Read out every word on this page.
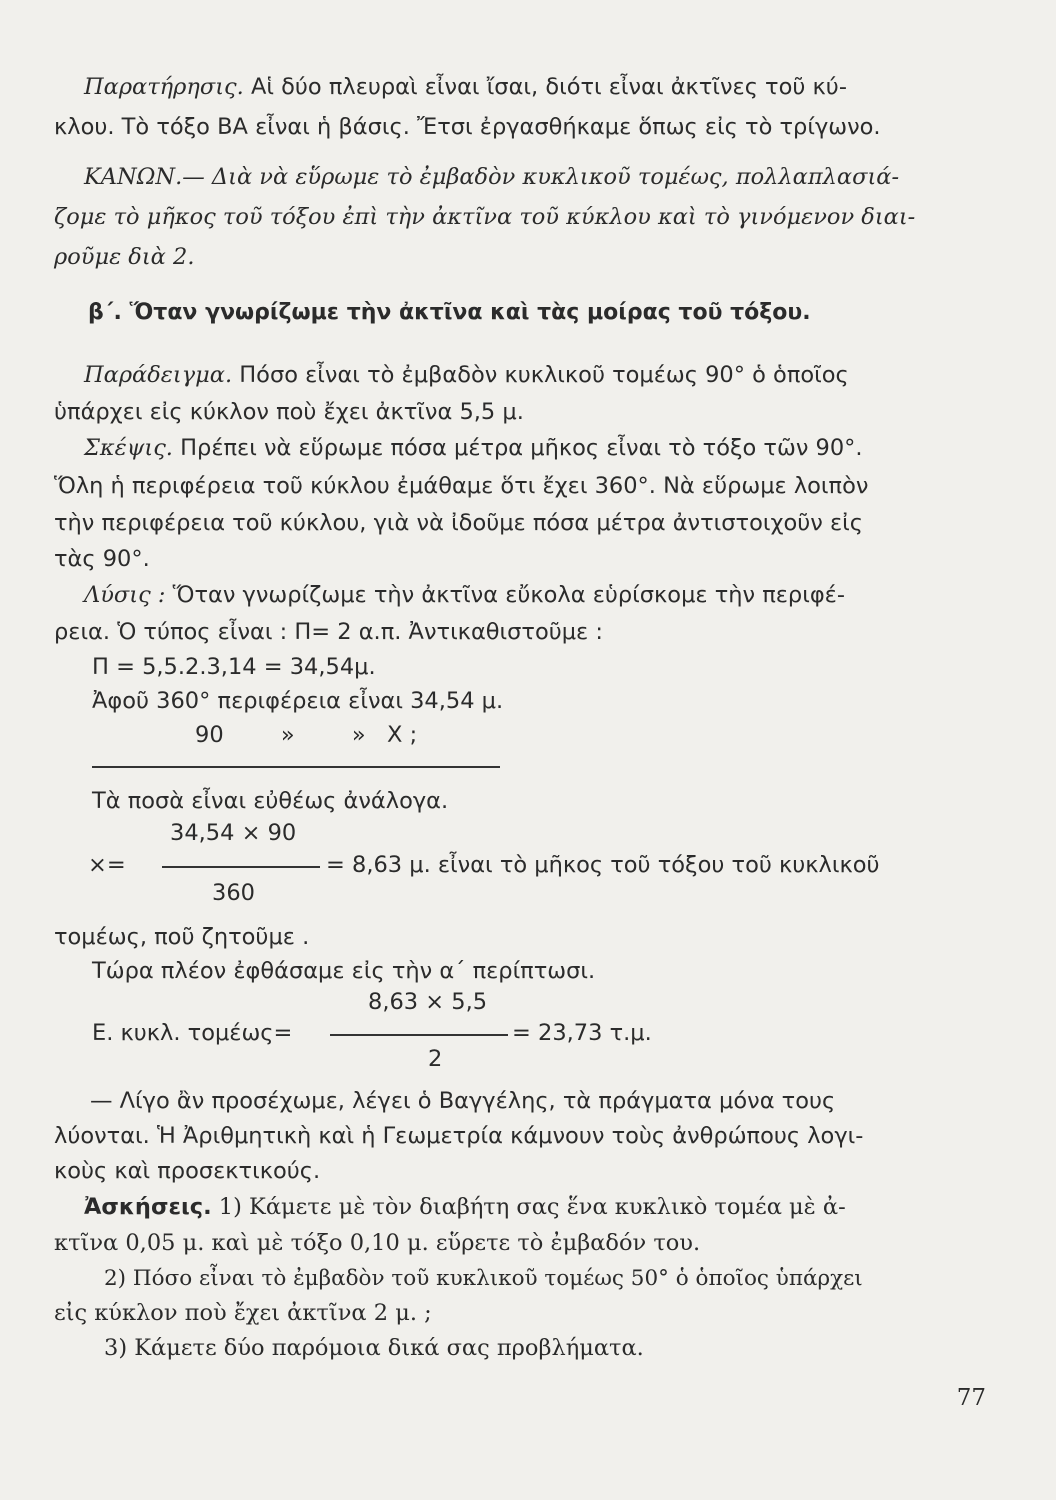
Παρατήρησις. Αἱ δύο πλευραὶ εἶναι ἴσαι, διότι εἶναι ἀκτῖνες τοῦ κύ-
κλου. Τὸ τόξο ΒΑ εἶναι ἡ βάσις. Ἔτσι ἐργασθήκαμε ὅπως εἰς τὸ τρίγωνο.
ΚΑΝΩΝ.— Διὰ νὰ εὕρωμε τὸ ἐμβαδὸν κυκλικοῦ τομέως, πολλαπλασιά-
ζομε τὸ μῆκος τοῦ τόξου ἐπὶ τὴν ἀκτῖνα τοῦ κύκλου καὶ τὸ γινόμενον διαι-
ροῦμε διὰ 2.
β΄. Ὅταν γνωρίζωμε τὴν ἀκτῖνα καὶ τὰς μοίρας τοῦ τόξου.
Παράδειγμα. Πόσο εἶναι τὸ ἐμβαδὸν κυκλικοῦ τομέως 90° ὁ ὁποῖος
ὑπάρχει εἰς κύκλον ποὺ ἔχει ἀκτῖνα 5,5 μ.
Σκέψις. Πρέπει νὰ εὕρωμε πόσα μέτρα μῆκος εἶναι τὸ τόξο τῶν 90°.
Ὅλη ἡ περιφέρεια τοῦ κύκλου ἐμάθαμε ὅτι ἔχει 360°. Νὰ εὕρωμε λοιπὸν
τὴν περιφέρεια τοῦ κύκλου, γιὰ νὰ ἰδοῦμε πόσα μέτρα ἀντιστοιχοῦν εἰς
τὰς 90°.
Λύσις : Ὅταν γνωρίζωμε τὴν ἀκτῖνα εὔκολα εὑρίσκομε τὴν περιφέ-
ρεια. Ὁ τύπος εἶναι : Π= 2 α.π. Ἀντικαθιστοῦμε :
Π = 5,5.2.3,14 = 34,54μ.
Ἀφοῦ 360° περιφέρεια εἶναι 34,54 μ.
90        »        »   Χ ;
Τὰ ποσὰ εἶναι εὐθέως ἀνάλογα.
34,54 × 90
×=	= 8,63 μ. εἶναι τὸ μῆκος τοῦ τόξου τοῦ κυκλικοῦ
360
τομέως, ποῦ ζητοῦμε .
Τώρα πλέον ἐφθάσαμε εἰς τὴν α΄ περίπτωσι.
8,63 × 5,5
Ε. κυκλ. τομέως=	= 23,73 τ.μ.
2
— Λίγο ἂν προσέχωμε, λέγει ὁ Βαγγέλης, τὰ πράγματα μόνα τους
λύονται. Ἡ Ἀριθμητικὴ καὶ ἡ Γεωμετρία κάμνουν τοὺς ἀνθρώπους λογι-
κοὺς καὶ προσεκτικούς.
Ἀσκήσεις. 1) Κάμετε μὲ τὸν διαβήτη σας ἕνα κυκλικὸ τομέα μὲ ἀ-
κτῖνα 0,05 μ. καὶ μὲ τόξο 0,10 μ. εὕρετε τὸ ἐμβαδόν του.
2) Πόσο εἶναι τὸ ἐμβαδὸν τοῦ κυκλικοῦ τομέως 50° ὁ ὁποῖος ὑπάρχει
εἰς κύκλον ποὺ ἔχει ἀκτῖνα 2 μ. ;
3) Κάμετε δύο παρόμοια δικά σας προβλήματα.
77
